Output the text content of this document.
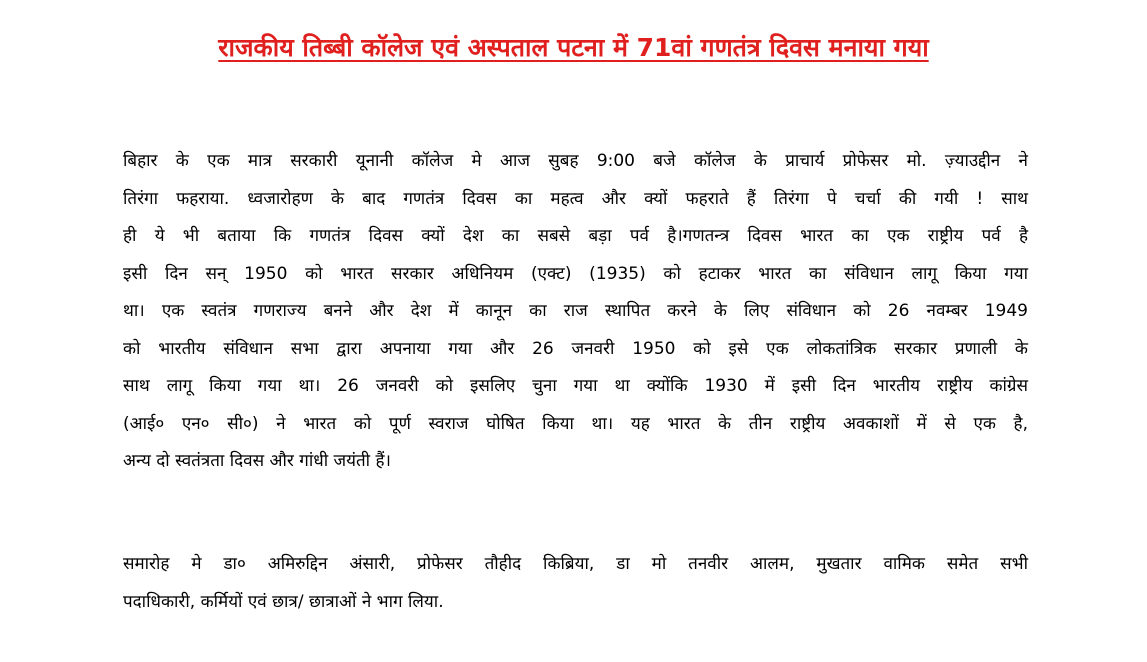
राजकीय तिब्बी कॉलेज एवं अस्पताल पटना में 71वां गणतंत्र दिवस मनाया गया
बिहार के एक मात्र सरकारी यूनानी कॉलेज मे आज सुबह 9:00 बजे कॉलेज के प्राचार्य प्रोफेसर मो. ज़्याउद्दीन ने
तिरंगा फहराया. ध्वजारोहण के बाद गणतंत्र दिवस का महत्व और क्यों फहराते हैं तिरंगा पे चर्चा की गयी ! साथ
ही ये भी बताया कि गणतंत्र दिवस क्यों देश का सबसे बड़ा पर्व है।गणतन्त्र दिवस भारत का एक राष्ट्रीय पर्व है
इसी दिन सन् 1950 को भारत सरकार अधिनियम (एक्ट) (1935) को हटाकर भारत का संविधान लागू किया गया
था। एक स्वतंत्र गणराज्य बनने और देश में कानून का राज स्थापित करने के लिए संविधान को 26 नवम्बर 1949
को भारतीय संविधान सभा द्वारा अपनाया गया और 26 जनवरी 1950 को इसे एक लोकतांत्रिक सरकार प्रणाली के
साथ लागू किया गया था। 26 जनवरी को इसलिए चुना गया था क्योंकि 1930 में इसी दिन भारतीय राष्ट्रीय कांग्रेस
(आई० एन० सी०) ने भारत को पूर्ण स्वराज घोषित किया था। यह भारत के तीन राष्ट्रीय अवकाशों में से एक है,
अन्य दो स्वतंत्रता दिवस और गांधी जयंती हैं।
समारोह मे डा० अमिरुद्दिन अंसारी, प्रोफेसर तौहीद किब्रिया, डा मो तनवीर आलम, मुखतार वामिक समेत सभी
पदाधिकारी, कर्मियों एवं छात्र/ छात्राओं ने भाग लिया.
